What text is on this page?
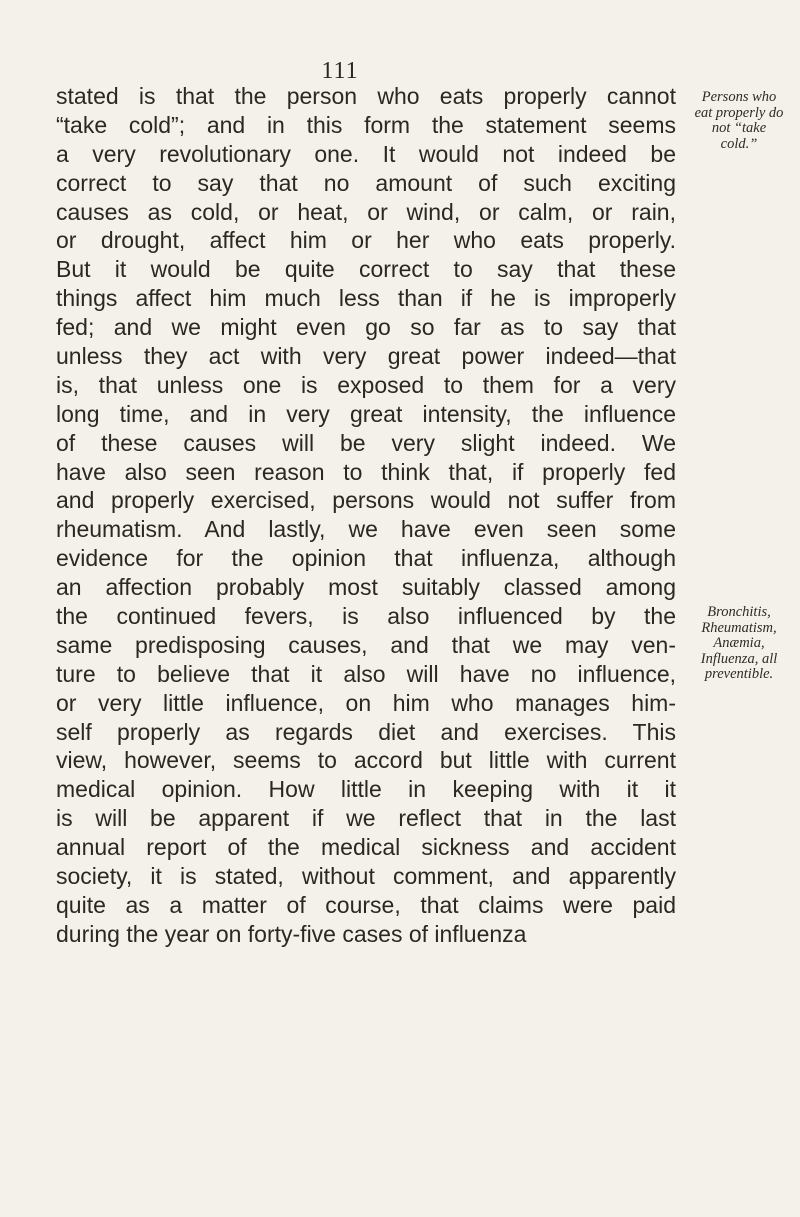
111
stated is that the person who eats properly cannot
“take cold”; and in this form the statement seems
a very revolutionary one. It would not indeed be
correct to say that no amount of such exciting
causes as cold, or heat, or wind, or calm, or rain,
or drought, affect him or her who eats properly.
But it would be quite correct to say that these
things affect him much less than if he is improperly
fed; and we might even go so far as to say that
unless they act with very great power indeed—that
is, that unless one is exposed to them for a very
long time, and in very great intensity, the influence
of these causes will be very slight indeed. We
have also seen reason to think that, if properly fed
and properly exercised, persons would not suffer from
rheumatism. And lastly, we have even seen some
evidence for the opinion that influenza, although
an affection probably most suitably classed among
the continued fevers, is also influenced by the
same predisposing causes, and that we may ven-
ture to believe that it also will have no influence,
or very little influence, on him who manages him-
self properly as regards diet and exercises. This
view, however, seems to accord but little with current
medical opinion. How little in keeping with it it
is will be apparent if we reflect that in the last
annual report of the medical sickness and accident
society, it is stated, without comment, and apparently
quite as a matter of course, that claims were paid
during the year on forty-five cases of influenza
Persons who
eat properly do
not “take
cold.”
Bronchitis,
Rheumatism,
Anæmia,
Influenza, all
preventible.
